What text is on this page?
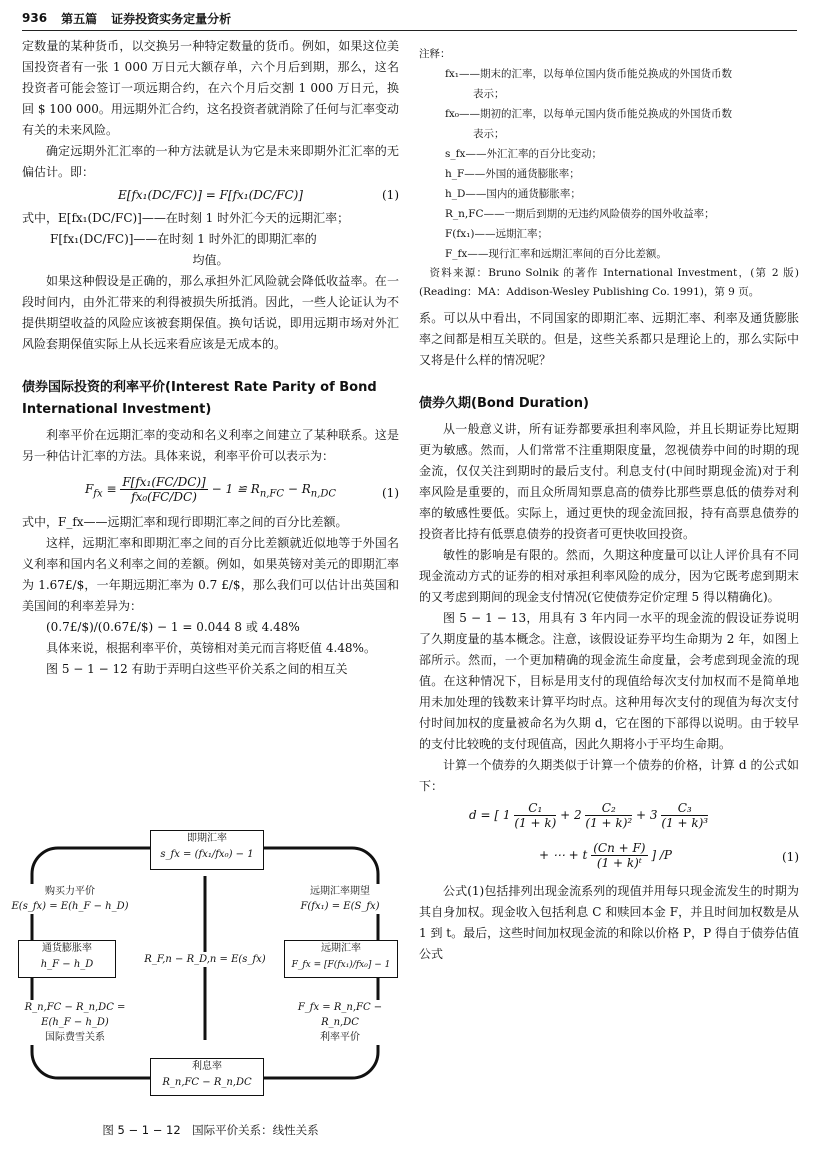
936 第五篇 证券投资实务定量分析

定数量的某种货币，以交换另一种特定数量的货币。例如，如果这位美国投资者有一张 1 000 万日元大额存单，六个月后到期，那么，这名投资者可能会签订一项远期合约，在六个月后交割 1 000 万日元，换回 $ 100 000。用远期外汇合约，这名投资者就消除了任何与汇率变动有关的未来风险。

确定远期外汇汇率的一种方法就是认为它是未来即期外汇汇率的无偏估计。即：

E[fx₁(DC/FC)] = F[fx₁(DC/FC)]	(1)

式中，E[fx₁(DC/FC)]——在时刻 1 时外汇今天的远期汇率；

F[fx₁(DC/FC)]——在时刻 1 时外汇的即期汇率的

均值。

如果这种假设是正确的，那么承担外汇风险就会降低收益率。在一段时间内，由外汇带来的利得被损失所抵消。因此，一些人论证认为不提供期望收益的风险应该被套期保值。换句话说，即用远期市场对外汇风险套期保值实际上从长远来看应该是无成本的。

债券国际投资的利率平价(Interest Rate Parity of Bond International Investment)

利率平价在远期汇率的变动和名义利率之间建立了某种联系。这是另一种估计汇率的方法。具体来说，利率平价可以表示为：

$F_{fx} \equiv \frac{\text{F[fx₁(FC/DC)]}}{\text{fx₀(FC/DC)}} - 1$ ≌ $R_{n,FC} - R_{n,DC}$	(1)

式中，F_fx——远期汇率和现行即期汇率之间的百分比差额。

这样，远期汇率和即期汇率之间的百分比差额就近似地等于外国名义利率和国内名义利率之间的差额。例如，如果英镑对美元的即期汇率为 1.67£/$，一年期远期汇率为 0.7 £/$，那么我们可以估计出英国和美国间的利率差异为：

(0.7£/$)/(0.67£/$) − 1 = 0.044 8 或 4.48%

具体来说，根据利率平价，英镑相对美元而言将贬值 4.48%。

图 5 − 1 − 12 有助于弄明白这些平价关系之间的相互关

即期汇率
s_fx = (fx₁/fx₀) − 1
购买力平价
E(s_fx) = E(h_F − h_D)
通货膨胀率
h_F − h_D
R_n,FC − R_n,DC = E(h_F − h_D)
国际费雪关系
R_F,n − R_D,n = E(s_fx)
远期汇率期望
F(fx₁) = E(S_fx)
远期汇率
F_fx = [F(fx₁)/fx₀] − 1
F_fx = R_n,FC − R_n,DC
利率平价
利息率
R_n,FC − R_n,DC
图 5 − 1 − 12　国际平价关系：线性关系
注释：
fx₁——期末的汇率，以每单位国内货币能兑换成的外国货币数
表示；
fx₀——期初的汇率，以每单元国内货币能兑换成的外国货币数
表示；
s_fx——外汇汇率的百分比变动；
h_F——外国的通货膨胀率；
h_D——国内的通货膨胀率；
R_n,FC——一期后到期的无违约风险债券的国外收益率；
F(fx₁)——远期汇率；
F_fx——现行汇率和远期汇率间的百分比差额。

资料来源：Bruno Solnik 的著作 International Investment，(第 2 版)(Reading：MA：Addison-Wesley Publishing Co. 1991)，第 9 页。

系。可以从中看出，不同国家的即期汇率、远期汇率、利率及通货膨胀率之间都是相互关联的。但是，这些关系都只是理论上的，那么实际中又将是什么样的情况呢？

债券久期(Bond Duration)

从一般意义讲，所有证券都要承担利率风险，并且长期证券比短期更为敏感。然而，人们常常不注重期限度量，忽视债券中间的时期的现金流，仅仅关注到期时的最后支付。利息支付(中间时期现金流)对于利率风险是重要的，而且众所周知票息高的债券比那些票息低的债券对利率的敏感性要低。实际上，通过更快的现金流回报，持有高票息债券的投资者比持有低票息债券的投资者可更快收回投资。

敏性的影响是有限的。然而，久期这种度量可以让人评价具有不同现金流动方式的证券的相对承担利率风险的成分，因为它既考虑到期末的又考虑到期间的现金支付情况(它使债券定价定理 5 得以精确化)。

图 5 − 1 − 13，用具有 3 年内同一水平的现金流的假设证券说明了久期度量的基本概念。注意，该假设证券平均生命期为 2 年，如图上部所示。然而，一个更加精确的现金流生命度量，会考虑到现金流的现值。在这种情况下，目标是用支付的现值给每次支付加权而不是简单地用未加处理的钱数来计算平均时点。这种用每次支付的现值为每次支付付时间加权的度量被命名为久期 d，它在图的下部得以说明。由于较早的支付比较晚的支付现值高，因此久期将小于平均生命期。

计算一个债券的久期类似于计算一个债券的价格，计算 d 的公式如下：

d = [ $1 \frac{\text{C₁}}{(1 + k)} + 2 \frac{\text{C₂}}{\text{(1 + k)²}} + 3 \frac{\text{C₃}}{\text{(1 + k)³}}$
+ ⋯ + t $\frac{(Cn + F)}{\text{(1 + k)ᵗ}}$ ] /P	(1)

公式(1)包括排列出现金流系列的现值并用每只现金流发生的时期为其自身加权。现金收入包括利息 C 和赎回本金 F，并且时间加权数是从 1 到 t。最后，这些时间加权现金流的和除以价格 P，P 得自于债券估值公式
